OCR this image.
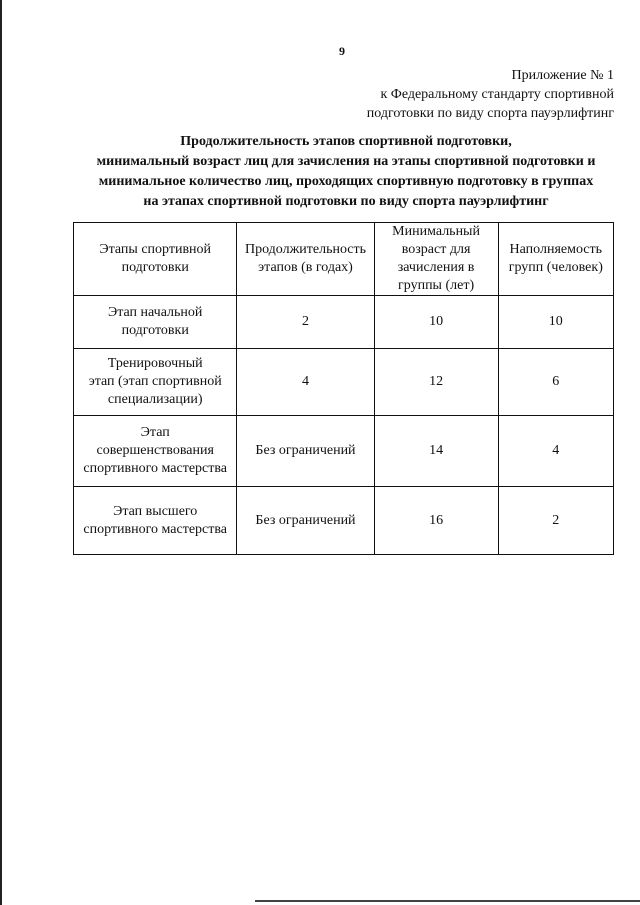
9
Приложение № 1
к Федеральному стандарту спортивной
подготовки по виду спорта пауэрлифтинг
Продолжительность этапов спортивной подготовки,
минимальный возраст лиц для зачисления на этапы спортивной подготовки и
минимальное количество лиц, проходящих спортивную подготовку в группах
на этапах спортивной подготовки по виду спорта пауэрлифтинг
Этапы спортивной
подготовки	Продолжительность
этапов (в годах)	Минимальный
возраст для
зачисления в
группы (лет)	Наполняемость
групп (человек)
Этап начальной
подготовки	2	10	10
Тренировочный
этап (этап спортивной
специализации)	4	12	6
Этап
совершенствования
спортивного мастерства	Без ограничений	14	4
Этап высшего
спортивного мастерства	Без ограничений	16	2
